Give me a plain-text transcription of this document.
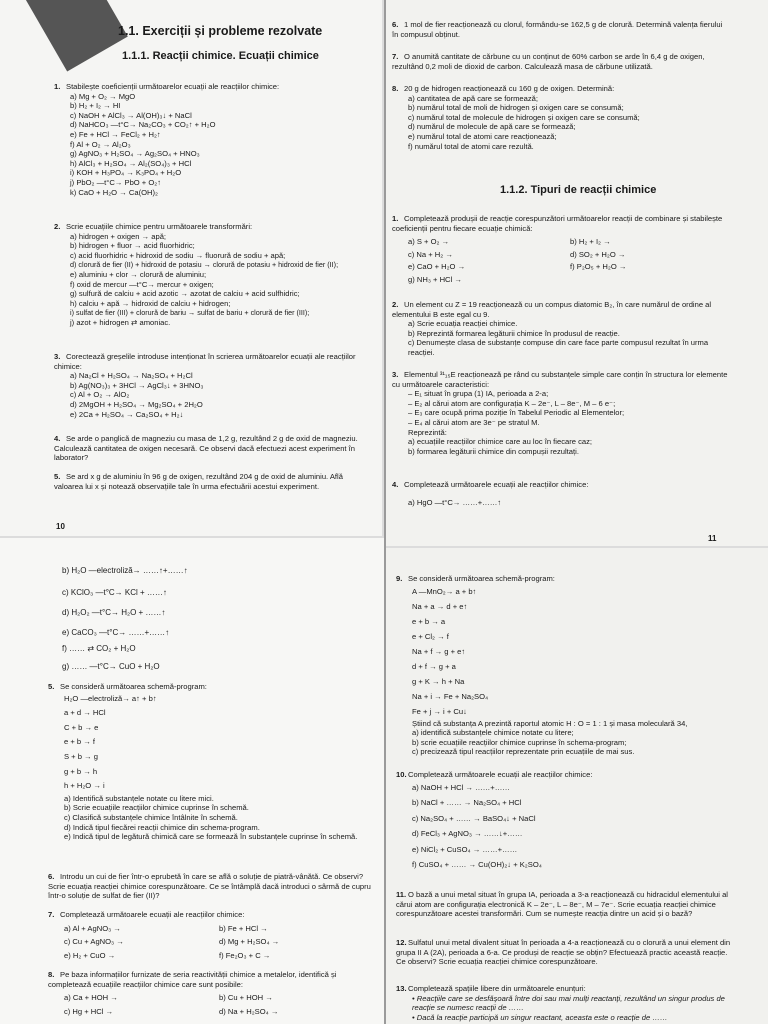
1.1. Exerciții și probleme rezolvate
1.1.1. Reacții chimice. Ecuații chimice
1. Stabilește coeficienții următoarelor ecuații ale reacțiilor chimice:
a) Mg + O₂ → MgO
b) H₂ + I₂ → HI
c) NaOH + AlCl₃ → Al(OH)₃↓ + NaCl
d) NaHCO₃ —t°C→ Na₂CO₃ + CO₂↑ + H₂O
e) Fe + HCl → FeCl₂ + H₂↑
f) Al + O₂ → Al₂O₃
g) AgNO₃ + H₂SO₄ → Ag₂SO₄ + HNO₃
h) AlCl₃ + H₂SO₄ → Al₂(SO₄)₃ + HCl
i) KOH + H₃PO₄ → K₃PO₄ + H₂O
j) PbO₂ —t°C→ PbO + O₂↑
k) CaO + H₂O → Ca(OH)₂
2. Scrie ecuațiile chimice pentru următoarele transformări:
a) hidrogen + oxigen → apă;
b) hidrogen + fluor → acid fluorhidric;
c) acid fluorhidric + hidroxid de sodiu → fluorură de sodiu + apă;
d) clorură de fier (II) + hidroxid de potasiu → clorură de potasiu + hidroxid de fier (II);
e) aluminiu + clor → clorură de aluminiu;
f) oxid de mercur —t°C→ mercur + oxigen;
g) sulfură de calciu + acid azotic → azotat de calciu + acid sulfhidric;
h) calciu + apă → hidroxid de calciu + hidrogen;
i) sulfat de fier (III) + clorură de bariu → sulfat de bariu + clorură de fier (III);
j) azot + hidrogen ⇄ amoniac.
3. Corectează greșelile introduse intenționat în scrierea următoarelor ecuații ale reacțiilor chimice:
a) Na₂Cl + H₂SO₄ → Na₂SO₄ + H₂Cl
b) Ag(NO₃)₃ + 3HCl → AgCl₃↓ + 3HNO₃
c) Al + O₂ → AlO₂
d) 2MgOH + H₂SO₄ → Mg₂SO₄ + 2H₂O
e) 2Ca + H₂SO₄ → Ca₂SO₄ + H₂↓
4. Se arde o panglică de magneziu cu masa de 1,2 g, rezultând 2 g de oxid de magneziu. Calculează cantitatea de oxigen necesară. Ce observi dacă efectuezi acest experiment în laborator?
5. Se ard x g de aluminiu în 96 g de oxigen, rezultând 204 g de oxid de aluminiu. Află valoarea lui x și notează observațiile tale în urma efectuării acestui experiment.
10
6. 1 mol de fier reacționează cu clorul, formându-se 162,5 g de clorură. Determină valența fierului în compusul obținut.
7. O anumită cantitate de cărbune cu un conținut de 60% carbon se arde în 6,4 g de oxigen, rezultând 0,2 moli de dioxid de carbon. Calculează masa de cărbune utilizată.
8. 20 g de hidrogen reacționează cu 160 g de oxigen. Determină:
a) cantitatea de apă care se formează;
b) numărul total de moli de hidrogen și oxigen care se consumă;
c) numărul total de molecule de hidrogen și oxigen care se consumă;
d) numărul de molecule de apă care se formează;
e) numărul total de atomi care reacționează;
f) numărul total de atomi care rezultă.
1.1.2. Tipuri de reacții chimice
1. Completează produșii de reacție corespunzători următoarelor reacții de combinare și stabilește coeficienții pentru fiecare ecuație chimică:
a) S + O₂ →	b) H₂ + I₂ →
c) Na + H₂ →	d) SO₂ + H₂O →
e) CaO + H₂O →	f) P₂O₅ + H₂O →
g) NH₃ + HCl →
2. Un element cu Z = 19 reacționează cu un compus diatomic B₂, în care numărul de ordine al elementului B este egal cu 9.
a) Scrie ecuația reacției chimice.
b) Reprezintă formarea legăturii chimice în produsul de reacție.
c) Denumește clasa de substanțe compuse din care face parte compusul rezultat în urma reacției.
3. Elementul ³¹₁₅E reacționează pe rând cu substanțele simple care conțin în structura lor elemente cu următoarele caracteristici:
– E₁ situat în grupa (1) IA, perioada a 2-a;
– E₂ al cărui atom are configurația K – 2e⁻, L – 8e⁻, M – 6 e⁻;
– E₃ care ocupă prima poziție în Tabelul Periodic al Elementelor;
– E₄ al cărui atom are 3e⁻ pe stratul M.
Reprezintă:
a) ecuațiile reacțiilor chimice care au loc în fiecare caz;
b) formarea legăturii chimice din compușii rezultați.
4. Completează următoarele ecuații ale reacțiilor chimice:
a) HgO —t°C→ ……+……↑
11
b) H₂O —electroliză→ ……↑+……↑
c) KClO₃ —t°C→ KCl + ……↑
d) H₂O₂ —t°C→ H₂O + ……↑
e) CaCO₃ —t°C→ ……+……↑
f) …… ⇄ CO₂ + H₂O
g) …… —t°C→ CuO + H₂O
5. Se consideră următoarea schemă-program:
H₂O —electroliză→ a↑ + b↑
a + d → HCl
C + b → e
e + b → f
S + b → g
g + b → h
h + H₂O → i
a) Identifică substanțele notate cu litere mici.
b) Scrie ecuațiile reacțiilor chimice cuprinse în schemă.
c) Clasifică substanțele chimice întâlnite în schemă.
d) Indică tipul fiecărei reacții chimice din schema-program.
e) Indică tipul de legătură chimică care se formează în substanțele cuprinse în schemă.
6. Introdu un cui de fier într-o eprubetă în care se află o soluție de piatră-vânătă. Ce observi? Scrie ecuația reacției chimice corespunzătoare. Ce se întâmplă dacă introduci o sârmă de cupru într-o soluție de sulfat de fier (II)?
7. Completează următoarele ecuații ale reacțiilor chimice:
a) Al + AgNO₃ →	b) Fe + HCl →
c) Cu + AgNO₃ →	d) Mg + H₂SO₄ →
e) H₂ + CuO →	f) Fe₂O₃ + C →
8. Pe baza informațiilor furnizate de seria reactivității chimice a metalelor, identifică și completează ecuațiile reacțiilor chimice care sunt posibile:
a) Ca + HOH →	b) Cu + HOH →
c) Hg + HCl →	d) Na + H₂SO₄ →
9. Se consideră următoarea schemă-program:
A —MnO₂→ a + b↑
Na + a → d + e↑
e + b → a
e + Cl₂ → f
Na + f → g + e↑
d + f → g + a
g + K → h + Na
Na + i → Fe + Na₂SO₄
Fe + j → i + Cu↓
Știind că substanța A prezintă raportul atomic H : O = 1 : 1 și masa moleculară 34,
a) identifică substanțele chimice notate cu litere;
b) scrie ecuațiile reacțiilor chimice cuprinse în schema-program;
c) precizează tipul reacțiilor reprezentate prin ecuațiile de mai sus.
10.Completează următoarele ecuații ale reacțiilor chimice:
a) NaOH + HCl → ……+……
b) NaCl + …… → Na₂SO₄ + HCl
c) Na₂SO₄ + …… → BaSO₄↓ + NaCl
d) FeCl₃ + AgNO₃ → ……↓+……
e) NiCl₂ + CuSO₄ → ……+……
f) CuSO₄ + …… → Cu(OH)₂↓ + K₂SO₄
11. O bază a unui metal situat în grupa IA, perioada a 3-a reacționează cu hidracidul elementului al cărui atom are configurația electronică K – 2e⁻, L – 8e⁻, M – 7e⁻. Scrie ecuația reacției chimice corespunzătoare acestei transformări. Cum se numește reacția dintre un acid și o bază?
12.Sulfatul unui metal divalent situat în perioada a 4-a reacționează cu o clorură a unui element din grupa II A (2A), perioada a 6-a. Ce produși de reacție se obțin? Efectuează practic această reacție. Ce observi? Scrie ecuația reacției chimice corespunzătoare.
13.Completează spațiile libere din următoarele enunțuri:
• Reacțiile care se desfășoară între doi sau mai mulți reactanți, rezultând un singur produs de reacție se numesc reacții de ……
• Dacă la reacție participă un singur reactant, aceasta este o reacție de ……
